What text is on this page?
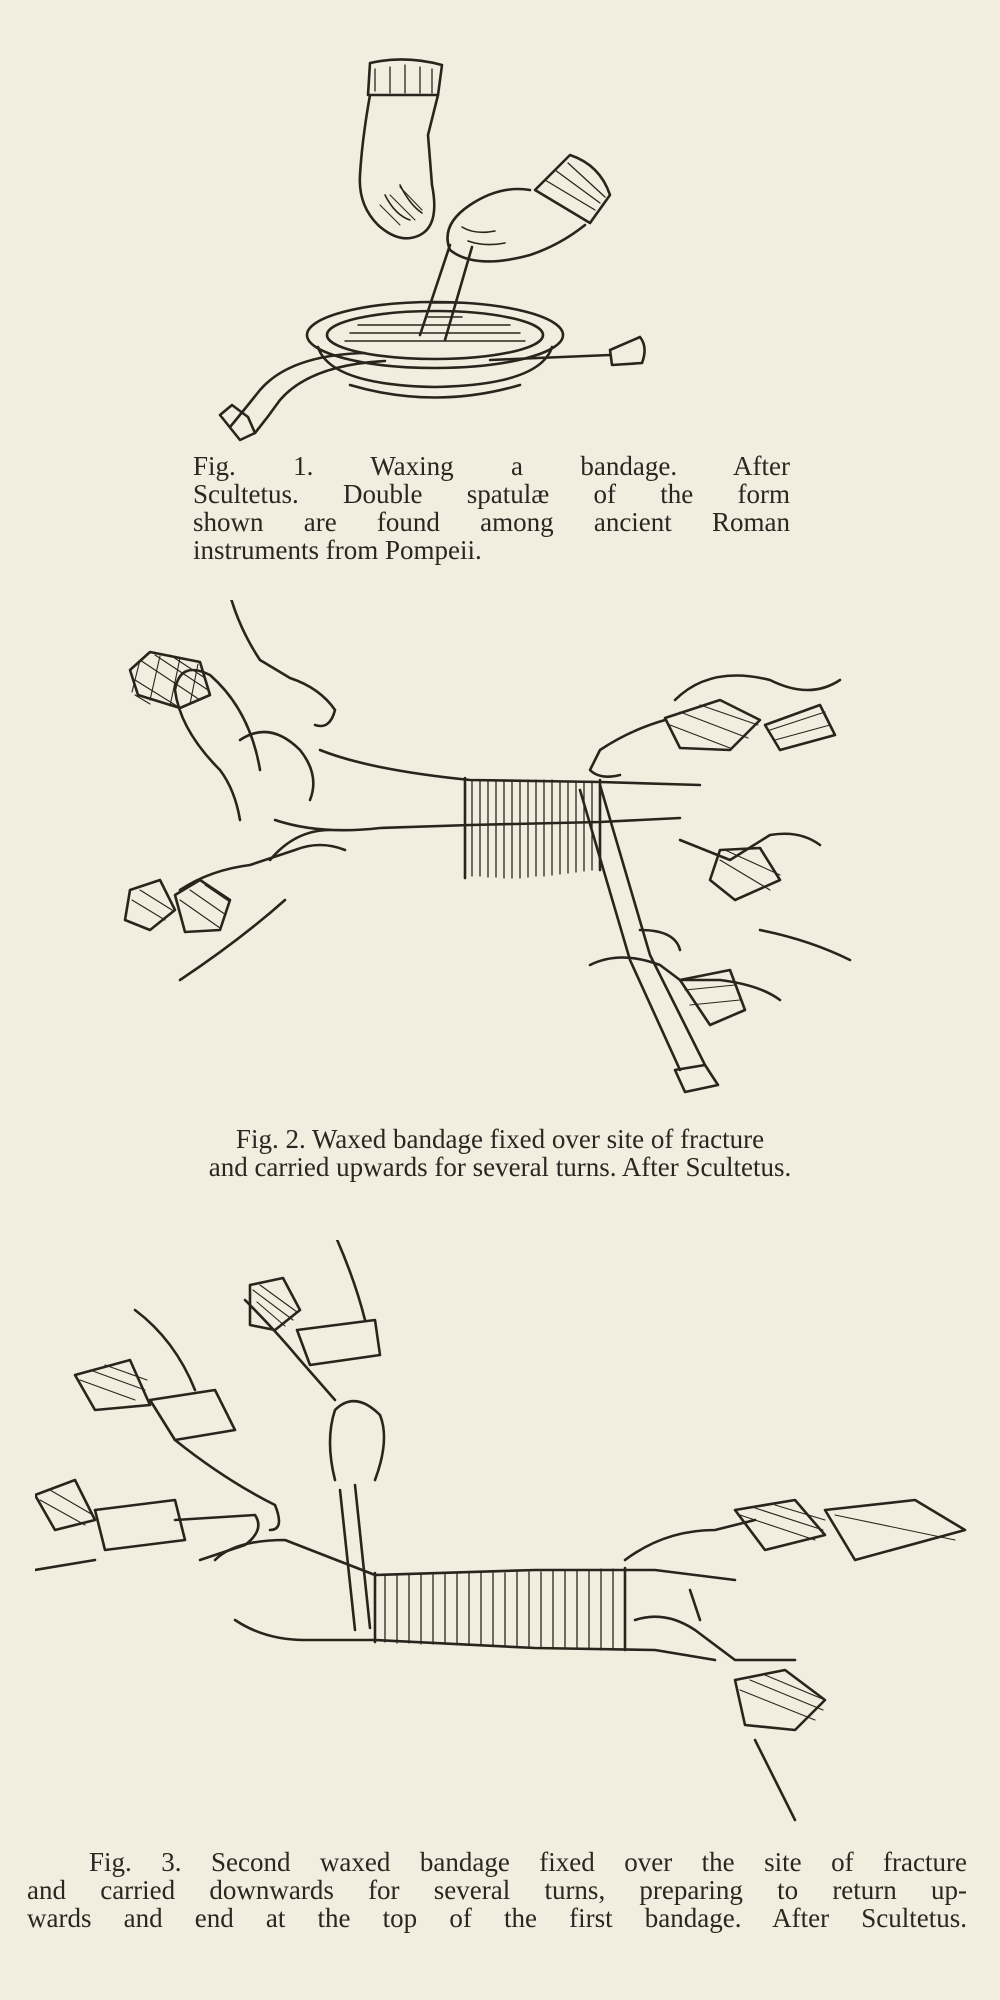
Fig. 1. Waxing a bandage. After
Scultetus. Double spatulæ of the form
shown are found among ancient Roman
instruments from Pompeii.
Fig. 2. Waxed bandage fixed over site of fracture
and carried upwards for several turns. After Scultetus.
Fig. 3. Second waxed bandage fixed over the site of fracture
and carried downwards for several turns, preparing to return up-
wards and end at the top of the first bandage. After Scultetus.
